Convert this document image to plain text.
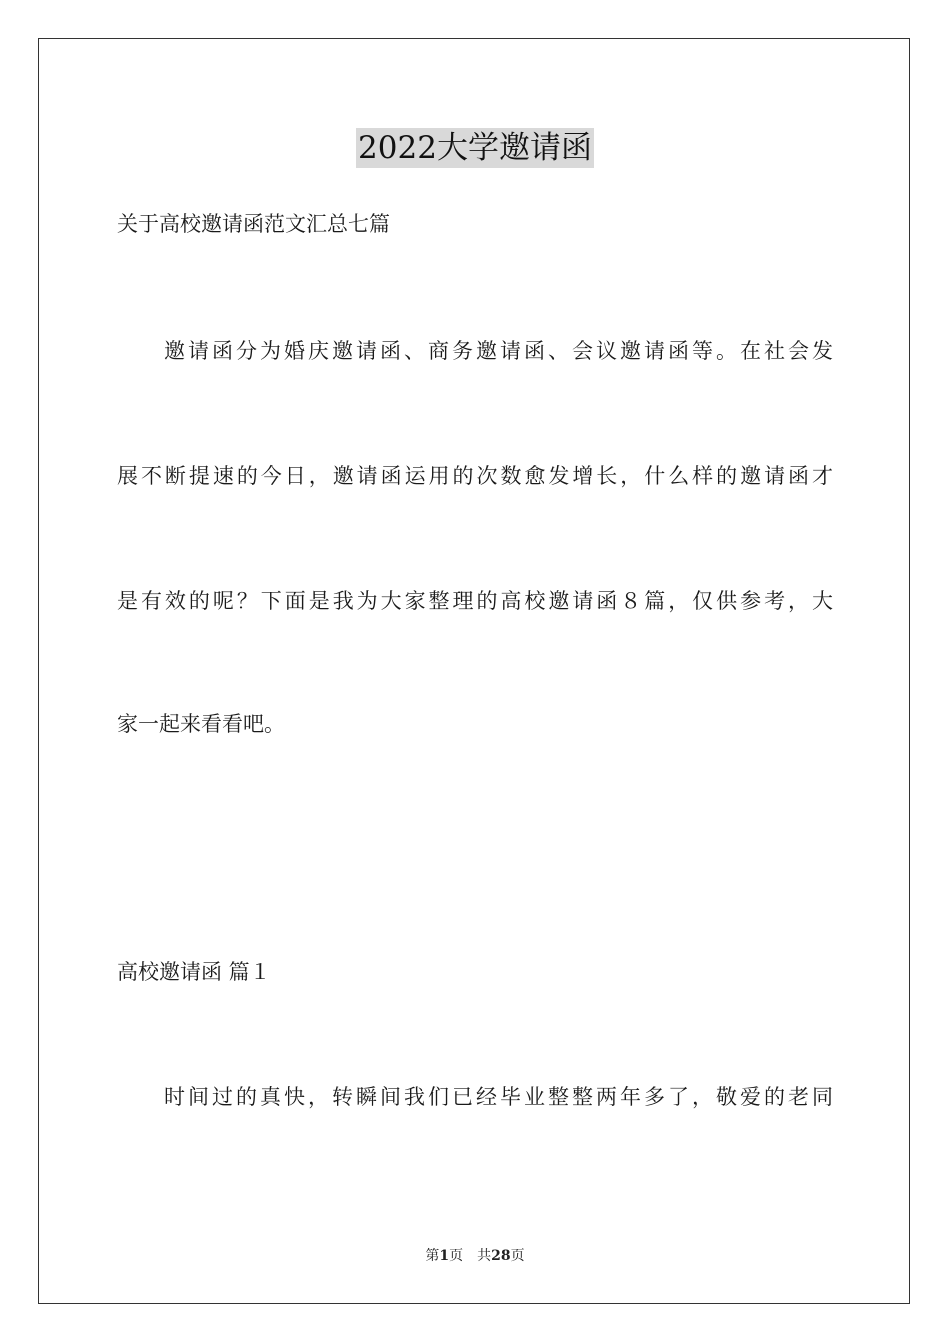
2022大学邀请函
关于高校邀请函范文汇总七篇
邀请函分为婚庆邀请函、商务邀请函、会议邀请函等。在社会发
展不断提速的今日，邀请函运用的次数愈发增长，什么样的邀请函才
是有效的呢？下面是我为大家整理的高校邀请函８篇，仅供参考，大
家一起来看看吧。
高校邀请函 篇１
时间过的真快，转瞬间我们已经毕业整整两年多了，敬爱的老同
第1页 共28页
